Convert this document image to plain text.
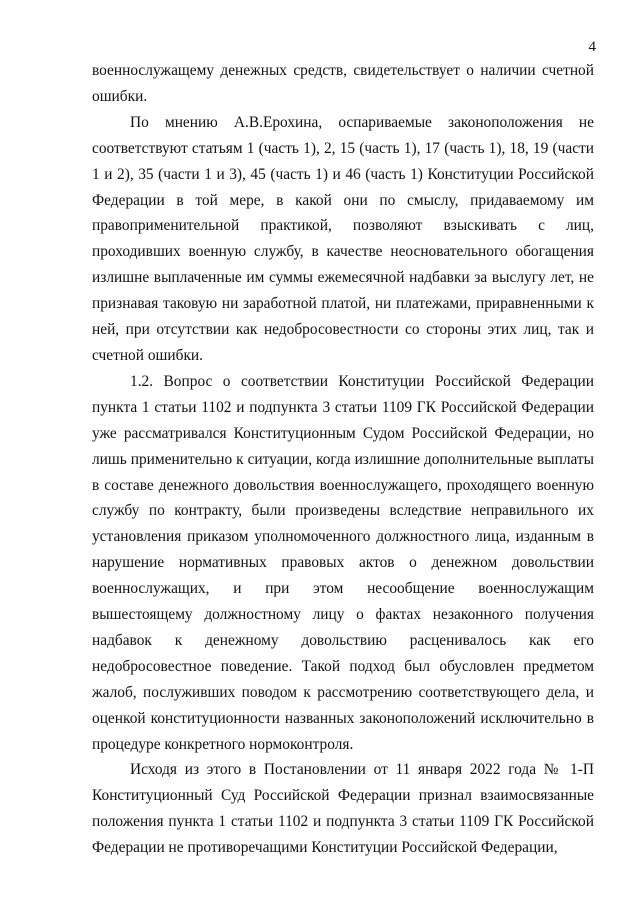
4

военнослужащему денежных средств, свидетельствует о наличии счетной ошибки.

По мнению А.В.Ерохина, оспариваемые законоположения не соответствуют статьям 1 (часть 1), 2, 15 (часть 1), 17 (часть 1), 18, 19 (части 1 и 2), 35 (части 1 и 3), 45 (часть 1) и 46 (часть 1) Конституции Российской Федерации в той мере, в какой они по смыслу, придаваемому им правоприменительной практикой, позволяют взыскивать с лиц, проходивших военную службу, в качестве неосновательного обогащения излишне выплаченные им суммы ежемесячной надбавки за выслугу лет, не признавая таковую ни заработной платой, ни платежами, приравненными к ней, при отсутствии как недобросовестности со стороны этих лиц, так и счетной ошибки.

1.2. Вопрос о соответствии Конституции Российской Федерации пункта 1 статьи 1102 и подпункта 3 статьи 1109 ГК Российской Федерации уже рассматривался Конституционным Судом Российской Федерации, но лишь применительно к ситуации, когда излишние дополнительные выплаты в составе денежного довольствия военнослужащего, проходящего военную службу по контракту, были произведены вследствие неправильного их установления приказом уполномоченного должностного лица, изданным в нарушение нормативных правовых актов о денежном довольствии военнослужащих, и при этом несообщение военнослужащим вышестоящему должностному лицу о фактах незаконного получения надбавок к денежному довольствию расценивалось как его недобросовестное поведение. Такой подход был обусловлен предметом жалоб, послуживших поводом к рассмотрению соответствующего дела, и оценкой конституционности названных законоположений исключительно в процедуре конкретного нормоконтроля.

Исходя из этого в Постановлении от 11 января 2022 года № 1-П Конституционный Суд Российской Федерации признал взаимосвязанные положения пункта 1 статьи 1102 и подпункта 3 статьи 1109 ГК Российской Федерации не противоречащими Конституции Российской Федерации,
